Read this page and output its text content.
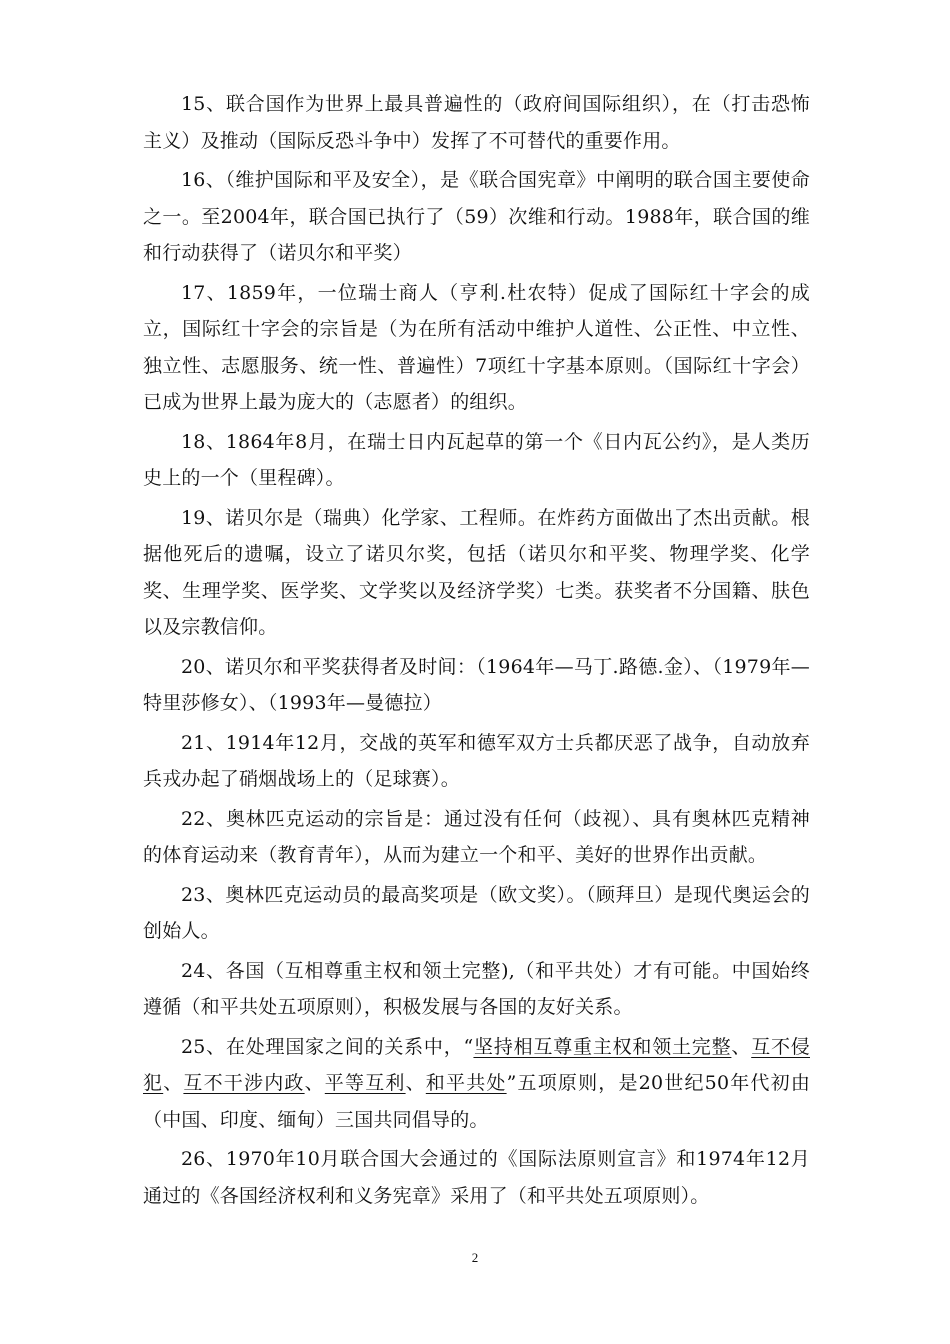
15、联合国作为世界上最具普遍性的（政府间国际组织），在（打击恐怖主义）及推动（国际反恐斗争中）发挥了不可替代的重要作用。

16、（维护国际和平及安全），是《联合国宪章》中阐明的联合国主要使命之一。至2004年，联合国已执行了（59）次维和行动。1988年，联合国的维和行动获得了（诺贝尔和平奖）

17、1859年，一位瑞士商人（亨利.杜农特）促成了国际红十字会的成立，国际红十字会的宗旨是（为在所有活动中维护人道性、公正性、中立性、独立性、志愿服务、统一性、普遍性）7项红十字基本原则。（国际红十字会）已成为世界上最为庞大的（志愿者）的组织。

18、1864年8月，在瑞士日内瓦起草的第一个《日内瓦公约》，是人类历史上的一个（里程碑）。

19、诺贝尔是（瑞典）化学家、工程师。在炸药方面做出了杰出贡献。根据他死后的遗嘱，设立了诺贝尔奖，包括（诺贝尔和平奖、物理学奖、化学奖、生理学奖、医学奖、文学奖以及经济学奖）七类。获奖者不分国籍、肤色以及宗教信仰。

20、诺贝尔和平奖获得者及时间：（1964年—马丁.路德.金）、（1979年— 特里莎修女）、（1993年—曼德拉）

21、1914年12月，交战的英军和德军双方士兵都厌恶了战争，自动放弃兵戎办起了硝烟战场上的（足球赛）。

22、奥林匹克运动的宗旨是：通过没有任何（歧视）、具有奥林匹克精神的体育运动来（教育青年），从而为建立一个和平、美好的世界作出贡献。

23、奥林匹克运动员的最高奖项是（欧文奖）。（顾拜旦）是现代奥运会的创始人。

24、各国（互相尊重主权和领土完整),（和平共处）才有可能。中国始终遵循（和平共处五项原则），积极发展与各国的友好关系。

25、在处理国家之间的关系中，“坚持相互尊重主权和领土完整、互不侵犯、互不干涉内政、平等互利、和平共处”五项原则，是20世纪50年代初由（中国、印度、缅甸）三国共同倡导的。

26、1970年10月联合国大会通过的《国际法原则宣言》和1974年12月通过的《各国经济权利和义务宪章》采用了（和平共处五项原则）。

2
